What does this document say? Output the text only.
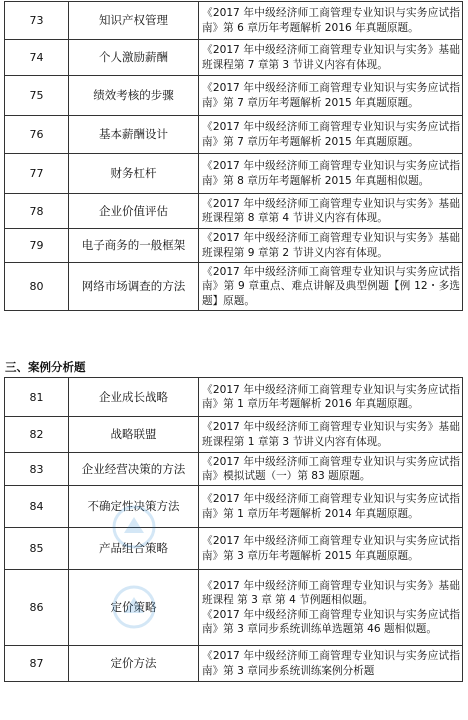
73	知识产权管理	《2017 年中级经济师工商管理专业知识与实务应试指南》第 6 章历年考题解析 2016 年真题原题。

74	个人激励薪酬	《2017 年中级经济师工商管理专业知识与实务》基础班课程第 7 章第 3 节讲义内容有体现。

75	绩效考核的步骤	《2017 年中级经济师工商管理专业知识与实务应试指南》第 7 章历年考题解析 2015 年真题原题。

76	基本薪酬设计	《2017 年中级经济师工商管理专业知识与实务应试指南》第 7 章历年考题解析 2015 年真题原题。

77	财务杠杆	《2017 年中级经济师工商管理专业知识与实务应试指南》第 8 章历年考题解析 2015 年真题相似题。

78	企业价值评估	《2017 年中级经济师工商管理专业知识与实务》基础班课程第 8 章第 4 节讲义内容有体现。

79	电子商务的一般框架	《2017 年中级经济师工商管理专业知识与实务》基础班课程第 9 章第 2 节讲义内容有体现。

80	网络市场调查的方法	《2017 年中级经济师工商管理专业知识与实务应试指南》第 9 章重点、难点讲解及典型例题【例 12・多选题】原题。
三、案例分析题
81	企业成长战略	《2017 年中级经济师工商管理专业知识与实务应试指南》第 1 章历年考题解析 2016 年真题原题。

82	战略联盟	《2017 年中级经济师工商管理专业知识与实务》基础班课程第 1 章第 3 节讲义内容有体现。

83	企业经营决策的方法	《2017 年中级经济师工商管理专业知识与实务应试指南》模拟试题（一）第 83 题原题。

84	不确定性决策方法	《2017 年中级经济师工商管理专业知识与实务应试指南》第 1 章历年考题解析 2014 年真题原题。

85	产品组合策略	《2017 年中级经济师工商管理专业知识与实务应试指南》第 3 章历年考题解析 2015 年真题原题。

86	定价策略	《2017 年中级经济师工商管理专业知识与实务》基础班课程 第 3 章 第 4 节例题相似题。
《2017 年中级经济师工商管理专业知识与实务应试指南》第 3 章同步系统训练单选题第 46 题相似题。

87	定价方法	《2017 年中级经济师工商管理专业知识与实务应试指南》第 3 章同步系统训练案例分析题
